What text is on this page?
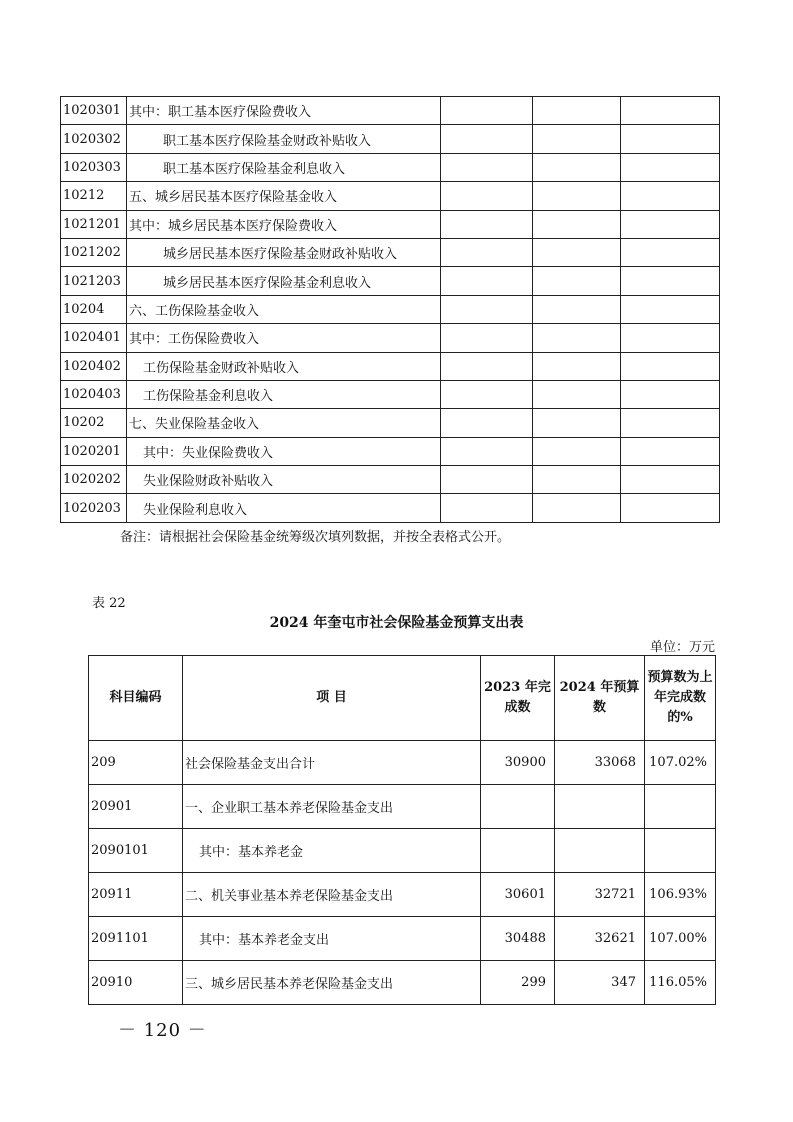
1020301	其中：职工基本医疗保险费收入			
1020302	职工基本医疗保险基金财政补贴收入			
1020303	职工基本医疗保险基金利息收入			
10212	五、城乡居民基本医疗保险基金收入			
1021201	其中：城乡居民基本医疗保险费收入			
1021202	城乡居民基本医疗保险基金财政补贴收入			
1021203	城乡居民基本医疗保险基金利息收入			
10204	六、工伤保险基金收入			
1020401	其中：工伤保险费收入			
1020402	工伤保险基金财政补贴收入			
1020403	工伤保险基金利息收入			
10202	七、失业保险基金收入			
1020201	其中：失业保险费收入			
1020202	失业保险财政补贴收入			
1020203	失业保险利息收入			
备注：请根据社会保险基金统筹级次填列数据，并按全表格式公开。
表 22
2024 年奎屯市社会保险基金预算支出表
单位：万元
科目编码	项 目	2023 年完成数	2024 年预算数	预算数为上年完成数的%
209	社会保险基金支出合计	30900	33068	107.02%
20901	一、企业职工基本养老保险基金支出			
2090101	其中：基本养老金			
20911	二、机关事业基本养老保险基金支出	30601	32721	106.93%
2091101	其中：基本养老金支出	30488	32621	107.00%
20910	三、城乡居民基本养老保险基金支出	299	347	116.05%
－ 120 －
